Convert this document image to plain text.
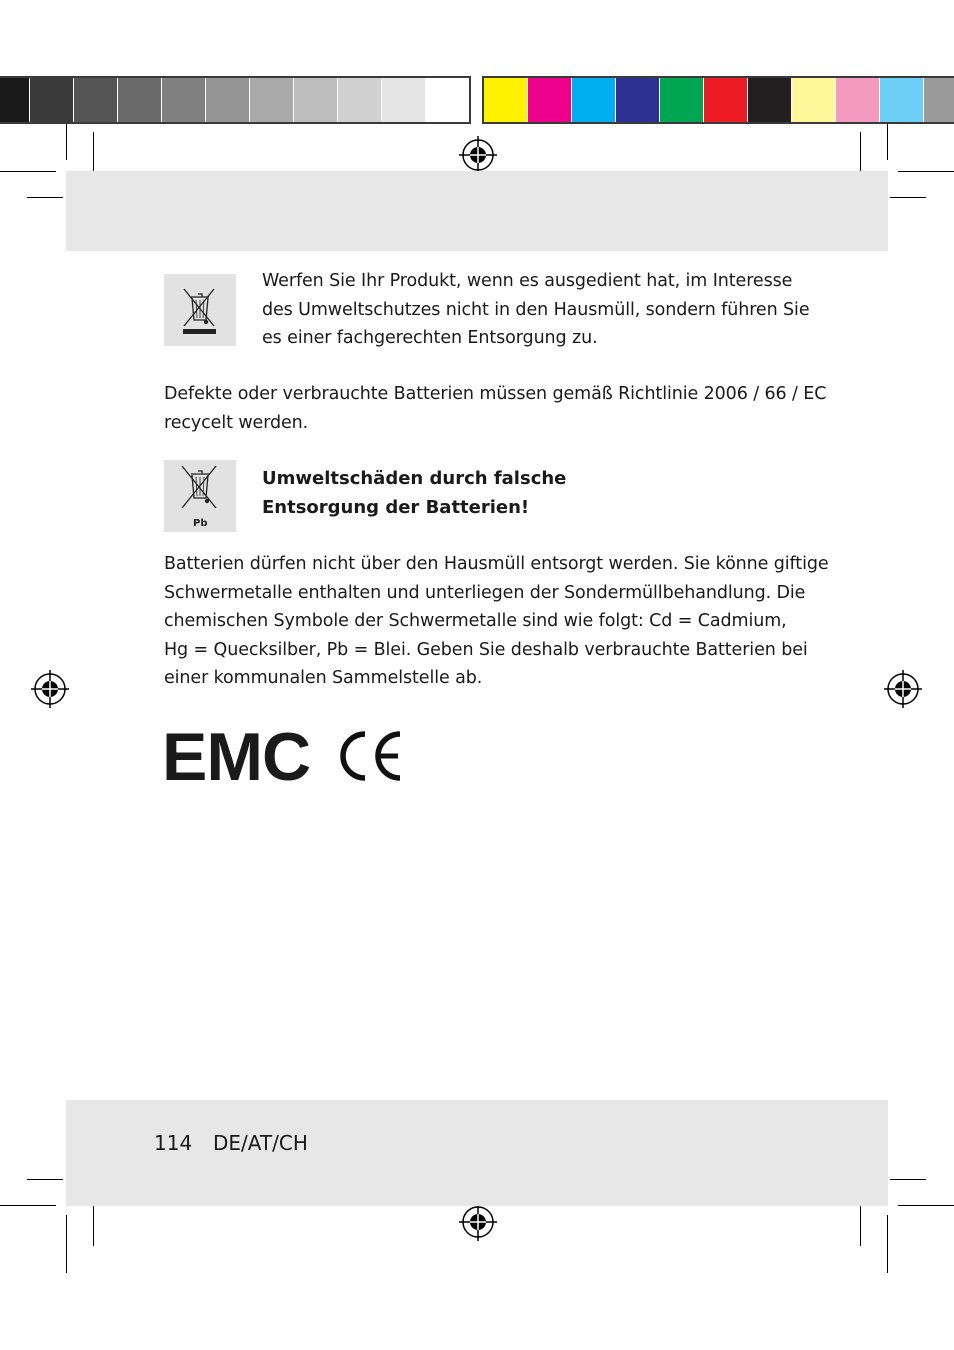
Werfen Sie Ihr Produkt, wenn es ausgedient hat, im Interesse
des Umweltschutzes nicht in den Hausmüll, sondern führen Sie
es einer fachgerechten Entsorgung zu.
Defekte oder verbrauchte Batterien müssen gemäß Richtlinie 2006 / 66 / EC
recycelt werden.
Pb
Umweltschäden durch falsche
Entsorgung der Batterien!
Batterien dürfen nicht über den Hausmüll entsorgt werden. Sie könne giftige
Schwermetalle enthalten und unterliegen der Sondermüllbehandlung. Die
chemischen Symbole der Schwermetalle sind wie folgt: Cd = Cadmium,
Hg = Quecksilber, Pb = Blei. Geben Sie deshalb verbrauchte Batterien bei
einer kommunalen Sammelstelle ab.
EMC
114 DE/AT/CH
